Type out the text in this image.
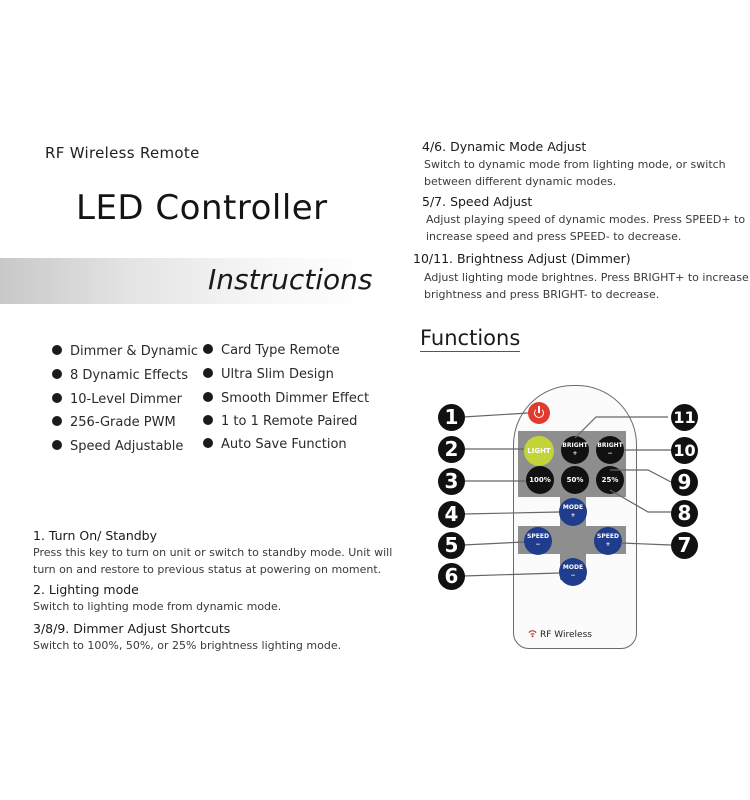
RF Wireless Remote
LED Controller
Instructions
Dimmer & Dynamic
8 Dynamic Effects
10-Level Dimmer
256-Grade PWM
Speed Adjustable
Card Type Remote
Ultra Slim Design
Smooth Dimmer Effect
1 to 1 Remote Paired
Auto Save Function
1. Turn On/ Standby
Press this key to turn on unit or switch to standby mode. Unit will
turn on and restore to previous status at powering on moment.
2. Lighting mode
Switch to lighting mode from dynamic mode.
3/8/9. Dimmer Adjust Shortcuts
Switch to 100%, 50%, or 25% brightness lighting mode.
4/6. Dynamic Mode Adjust
Switch to dynamic mode from lighting mode, or switch
between different dynamic modes.
5/7. Speed Adjust
Adjust playing speed of dynamic modes. Press SPEED+ to
increase speed and press SPEED- to decrease.
10/11. Brightness Adjust (Dimmer)
Adjust lighting mode brightnes. Press BRIGHT+ to increase
brightness and press BRIGHT- to decrease.
Functions
LIGHT
BRIGHT
+
BRIGHT
−
100%	50%	25%
MODE
+
SPEED
−
SPEED
+
MODE
−
RF Wireless
1
2
3
4
5
6
7
8
9
10
11
